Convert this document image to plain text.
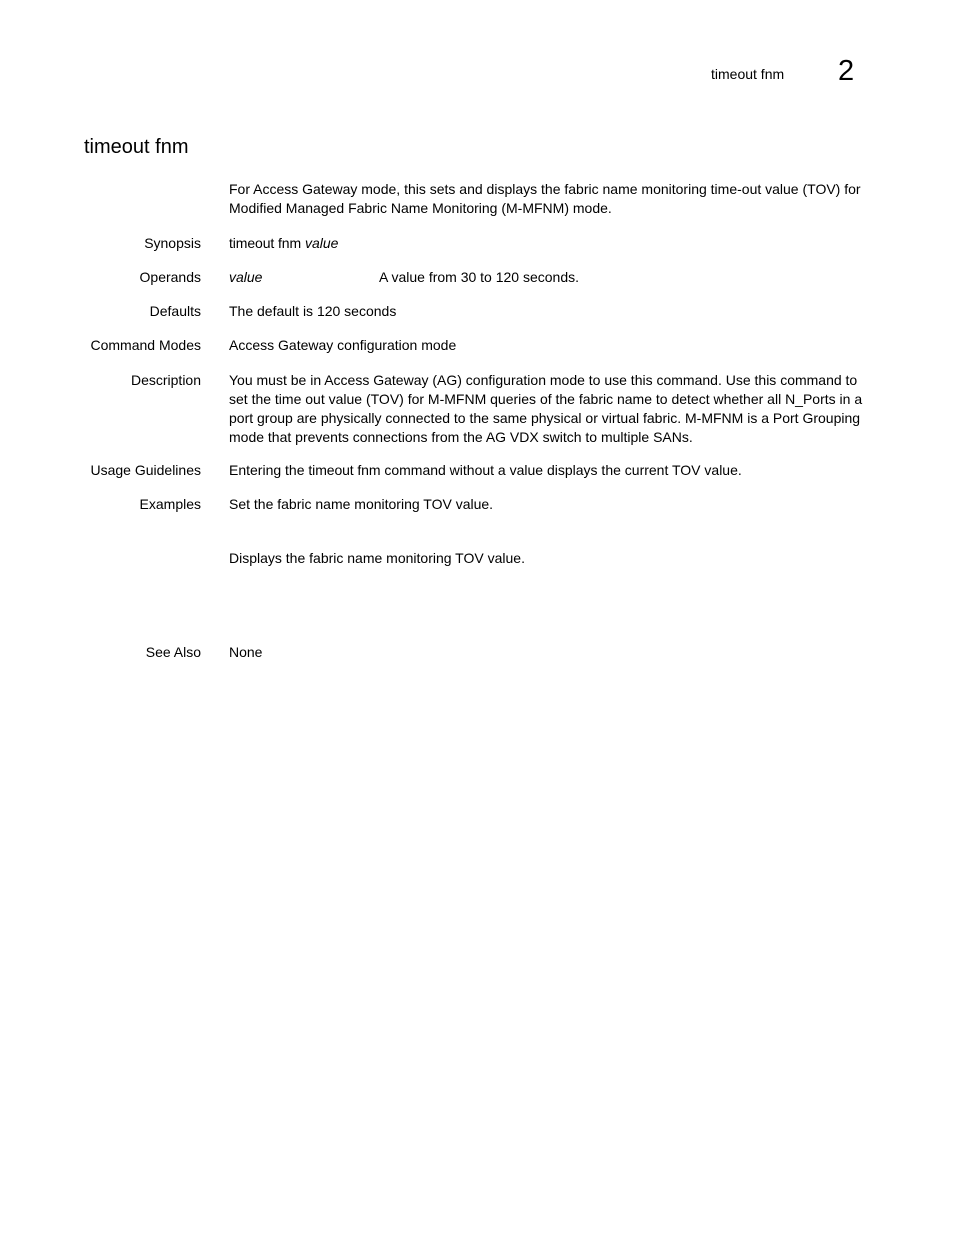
timeout fnm 2
timeout fnm
For Access Gateway mode, this sets and displays the fabric name monitoring time-out value (TOV) for Modified Managed Fabric Name Monitoring (M-MFNM) mode.
Synopsis timeout fnm value
Operands value	A value from 30 to 120 seconds.
Defaults The default is 120 seconds
Command Modes Access Gateway configuration mode
Description You must be in Access Gateway (AG) configuration mode to use this command. Use this command to set the time out value (TOV) for M-MFNM queries of the fabric name to detect whether all N_Ports in a port group are physically connected to the same physical or virtual fabric. M-MFNM is a Port Grouping mode that prevents connections from the AG VDX switch to multiple SANs.
Usage Guidelines Entering the timeout fnm command without a value displays the current TOV value.
Examples Set the fabric name monitoring TOV value.
Displays the fabric name monitoring TOV value.
See Also None
